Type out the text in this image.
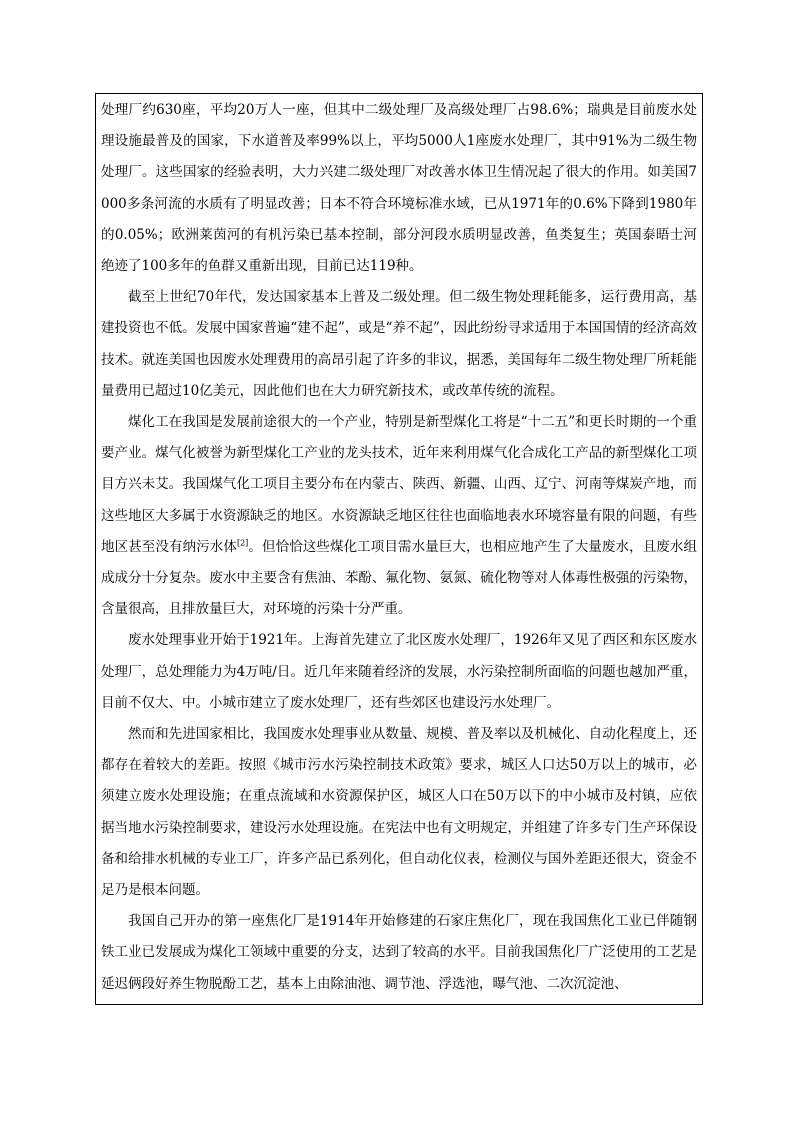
处理厂约630座，平均20万人一座，但其中二级处理厂及高级处理厂占98.6%；瑞典是目前废水处理设施最普及的国家，下水道普及率99%以上，平均5000人1座废水处理厂，其中91%为二级生物处理厂。这些国家的经验表明，大力兴建二级处理厂对改善水体卫生情况起了很大的作用。如美国7000多条河流的水质有了明显改善；日本不符合环境标准水域，已从1971年的0.6%下降到1980年的0.05%；欧洲莱茵河的有机污染已基本控制，部分河段水质明显改善，鱼类复生；英国泰晤士河绝迹了100多年的鱼群又重新出现，目前已达119种。

截至上世纪70年代，发达国家基本上普及二级处理。但二级生物处理耗能多，运行费用高，基建投资也不低。发展中国家普遍“建不起”，或是“养不起”，因此纷纷寻求适用于本国国情的经济高效技术。就连美国也因废水处理费用的高昂引起了许多的非议，据悉，美国每年二级生物处理厂所耗能量费用已超过10亿美元，因此他们也在大力研究新技术，或改革传统的流程。

煤化工在我国是发展前途很大的一个产业，特别是新型煤化工将是“十二五”和更长时期的一个重要产业。煤气化被誉为新型煤化工产业的龙头技术，近年来利用煤气化合成化工产品的新型煤化工项目方兴未艾。我国煤气化工项目主要分布在内蒙古、陕西、新疆、山西、辽宁、河南等煤炭产地，而这些地区大多属于水资源缺乏的地区。水资源缺乏地区往往也面临地表水环境容量有限的问题，有些地区甚至没有纳污水体[2]。但恰恰这些煤化工项目需水量巨大，也相应地产生了大量废水，且废水组成成分十分复杂。废水中主要含有焦油、苯酚、氟化物、氨氮、硫化物等对人体毒性极强的污染物，含量很高，且排放量巨大，对环境的污染十分严重。

废水处理事业开始于1921年。上海首先建立了北区废水处理厂，1926年又见了西区和东区废水处理厂，总处理能力为4万吨/日。近几年来随着经济的发展，水污染控制所面临的问题也越加严重，目前不仅大、中。小城市建立了废水处理厂，还有些郊区也建设污水处理厂。

然而和先进国家相比，我国废水处理事业从数量、规模、普及率以及机械化、自动化程度上，还都存在着较大的差距。按照《城市污水污染控制技术政策》要求，城区人口达50万以上的城市，必须建立废水处理设施；在重点流域和水资源保护区，城区人口在50万以下的中小城市及村镇，应依据当地水污染控制要求，建设污水处理设施。在宪法中也有文明规定，并组建了许多专门生产环保设备和给排水机械的专业工厂，许多产品已系列化，但自动化仪表，检测仪与国外差距还很大，资金不足乃是根本问题。

我国自己开办的第一座焦化厂是1914年开始修建的石家庄焦化厂，现在我国焦化工业已伴随钢铁工业已发展成为煤化工领域中重要的分支，达到了较高的水平。目前我国焦化厂广泛使用的工艺是延迟俩段好养生物脱酚工艺，基本上由除油池、调节池、浮选池，曝气池、二次沉淀池、
